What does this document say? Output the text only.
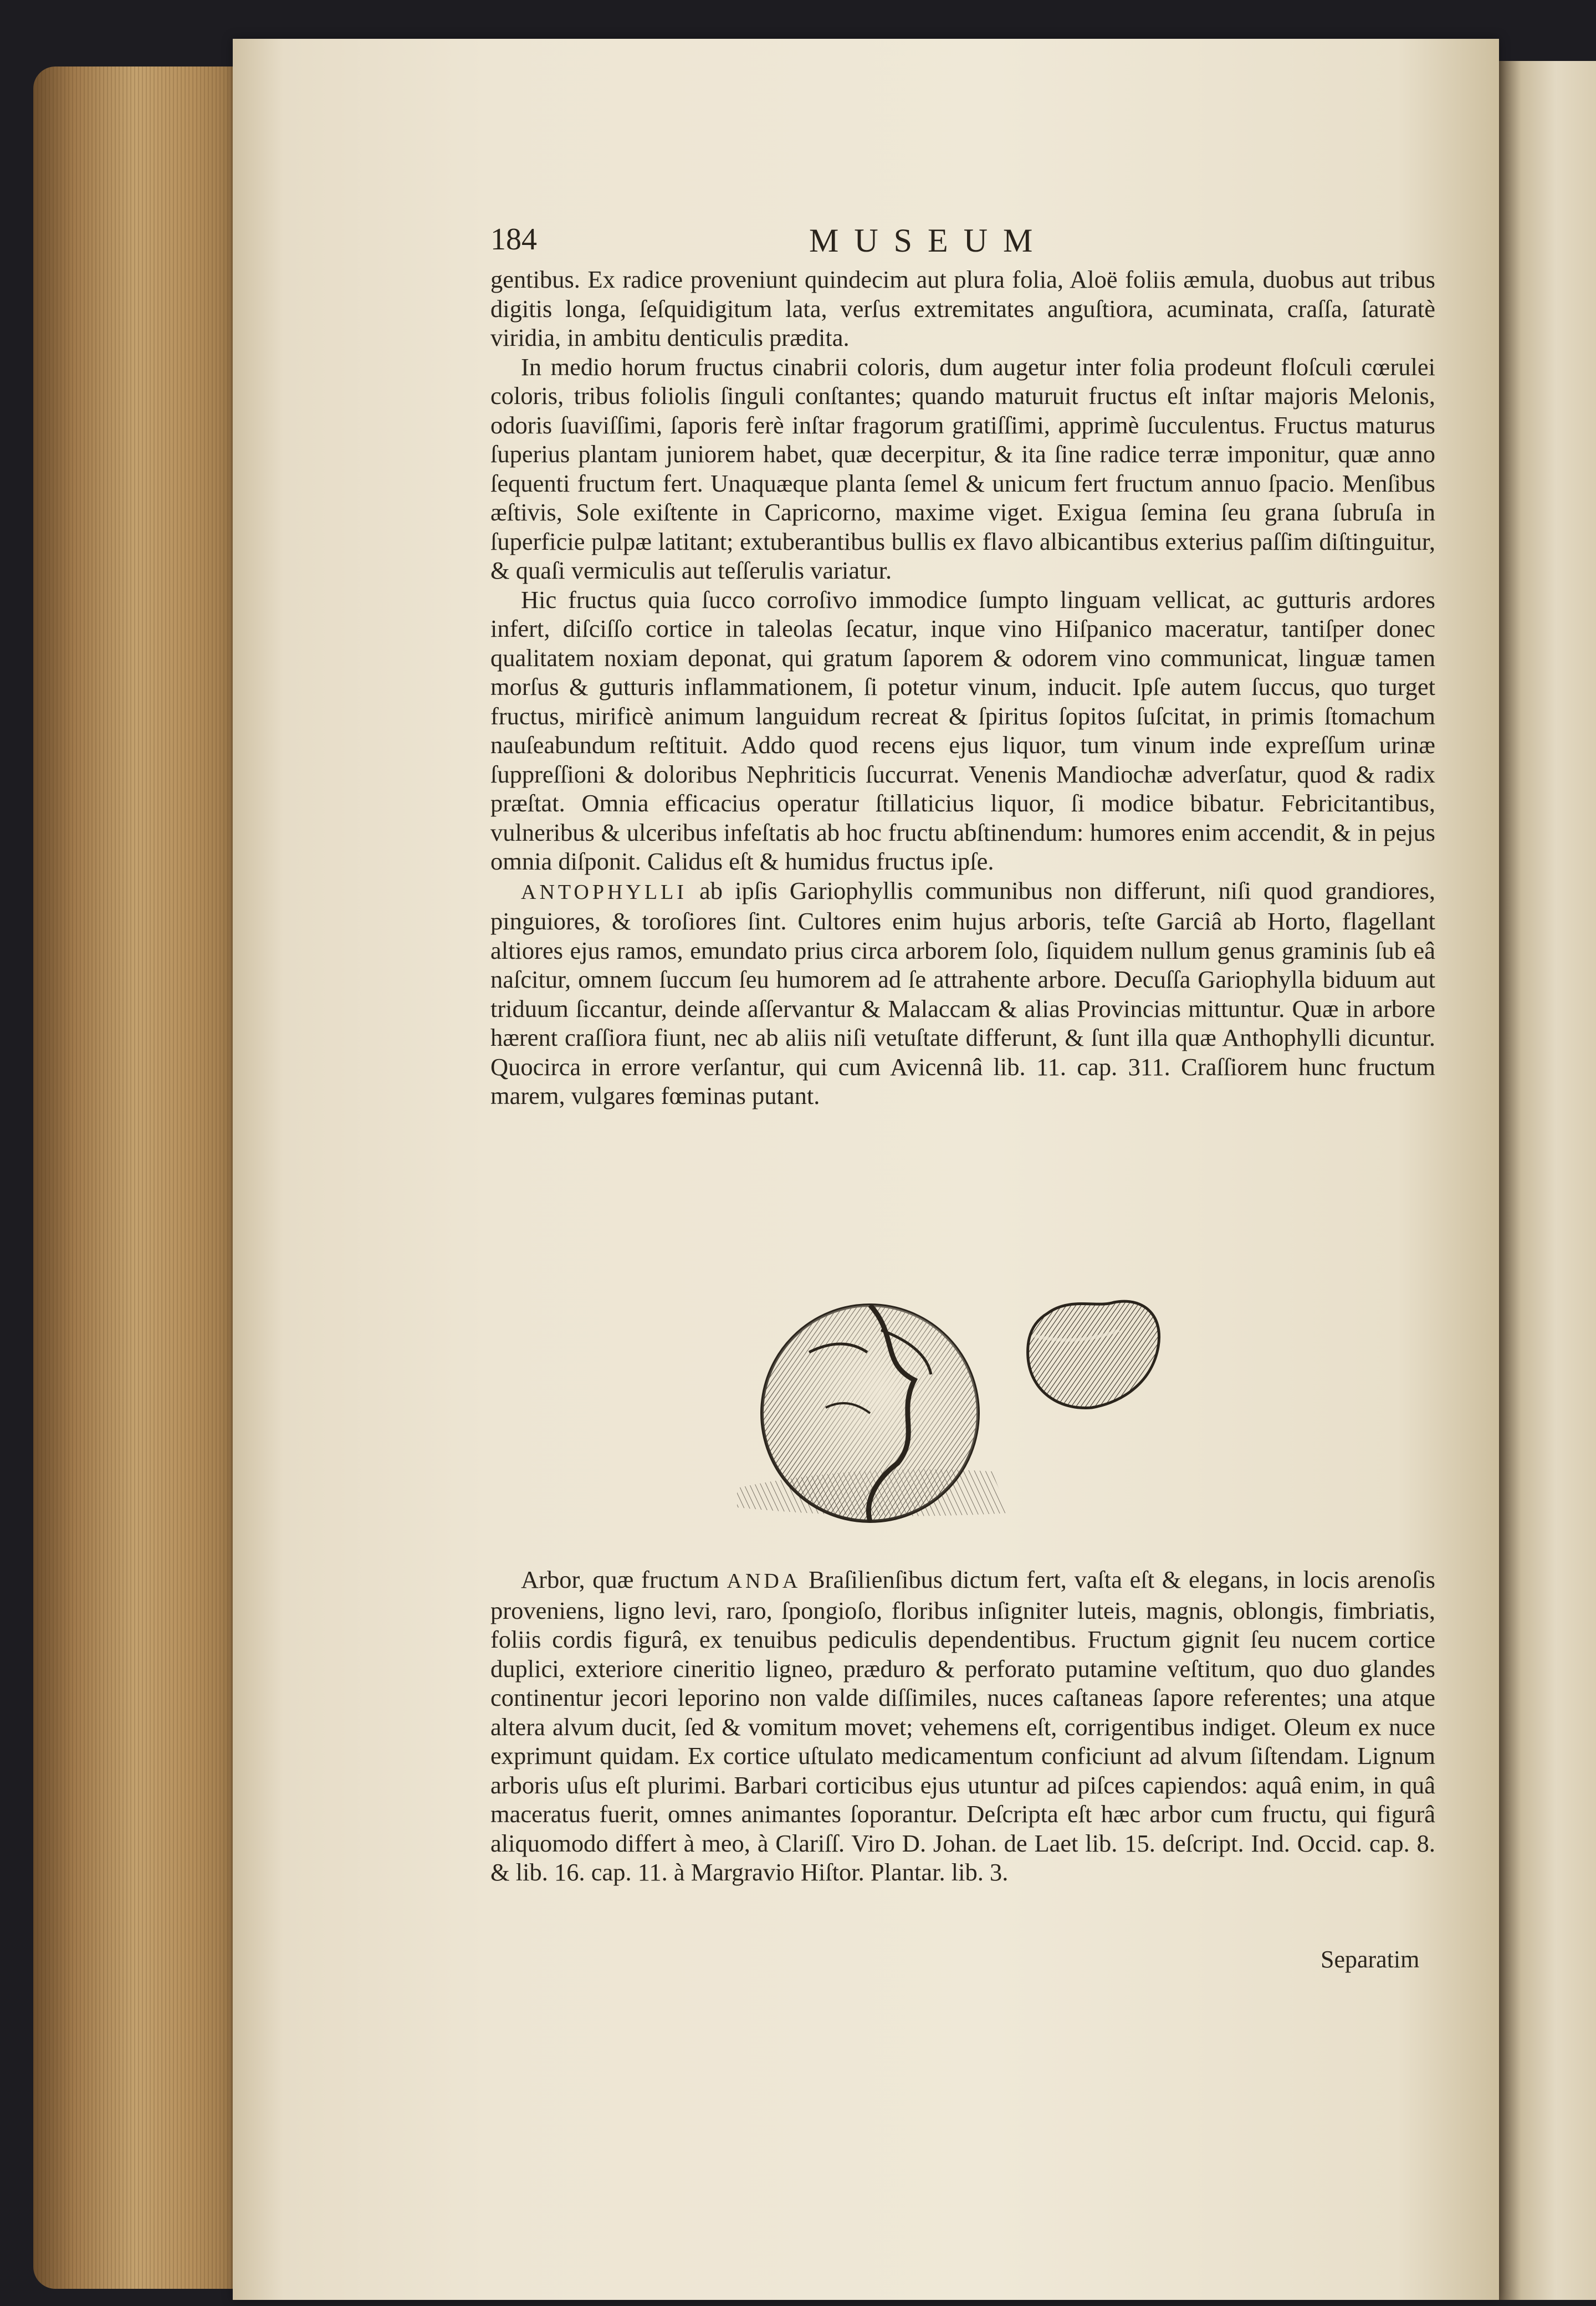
184	MUSEUM

gentibus. Ex radice proveniunt quindecim aut plura folia, Aloë foliis æmula, duobus aut tribus digitis longa, ſeſquidigitum lata, verſus extremitates anguſtiora, acuminata, craſſa, ſaturatè viridia, in ambitu denticulis prædita.

In medio horum fructus cinabrii coloris, dum augetur inter folia prodeunt floſculi cœrulei coloris, tribus foliolis ſinguli conſtantes; quando maturuit fructus eſt inſtar majoris Melonis, odoris ſuaviſſimi, ſaporis ferè inſtar fragorum gratiſſimi, apprimè ſucculentus. Fructus maturus ſuperius plantam juniorem habet, quæ decerpitur, & ita ſine radice terræ imponitur, quæ anno ſequenti fructum fert. Unaquæque planta ſemel & unicum fert fructum annuo ſpacio. Menſibus æſtivis, Sole exiſtente in Capricorno, maxime viget. Exigua ſemina ſeu grana ſubruſa in ſuperficie pulpæ latitant; extuberantibus bullis ex flavo albicantibus exterius paſſim diſtinguitur, & quaſi vermiculis aut teſſerulis variatur.

Hic fructus quia ſucco corroſivo immodice ſumpto linguam vellicat, ac gutturis ardores infert, diſciſſo cortice in taleolas ſecatur, inque vino Hiſpanico maceratur, tantiſper donec qualitatem noxiam deponat, qui gratum ſaporem & odorem vino communicat, linguæ tamen morſus & gutturis inflammationem, ſi potetur vinum, inducit. Ipſe autem ſuccus, quo turget fructus, mirificè animum languidum recreat & ſpiritus ſopitos ſuſcitat, in primis ſtomachum nauſeabundum reſtituit. Addo quod recens ejus liquor, tum vinum inde expreſſum urinæ ſuppreſſioni & doloribus Nephriticis ſuccurrat. Venenis Mandiochæ adverſatur, quod & radix præſtat. Omnia efficacius operatur ſtillaticius liquor, ſi modice bibatur. Febricitantibus, vulneribus & ulceribus infeſtatis ab hoc fructu abſtinendum: humores enim accendit, & in pejus omnia diſponit. Calidus eſt & humidus fructus ipſe.

ANTOPHYLLI ab ipſis Gariophyllis communibus non differunt, niſi quod grandiores, pinguiores, & toroſiores ſint. Cultores enim hujus arboris, teſte Garciâ ab Horto, flagellant altiores ejus ramos, emundato prius circa arborem ſolo, ſiquidem nullum genus graminis ſub eâ naſcitur, omnem ſuccum ſeu humorem ad ſe attrahente arbore. Decuſſa Gariophylla biduum aut triduum ſiccantur, deinde aſſervantur & Malaccam & alias Provincias mittuntur. Quæ in arbore hærent craſſiora fiunt, nec ab aliis niſi vetuſtate differunt, & ſunt illa quæ Anthophylli dicuntur. Quocirca in errore verſantur, qui cum Avicennâ lib. 11. cap. 311. Craſſiorem hunc fructum marem, vulgares fœminas putant.

Arbor, quæ fructum ANDA Braſilienſibus dictum fert, vaſta eſt & elegans, in locis arenoſis proveniens, ligno levi, raro, ſpongioſo, floribus inſigniter luteis, magnis, oblongis, fimbriatis, foliis cordis figurâ, ex tenuibus pediculis dependentibus. Fructum gignit ſeu nucem cortice duplici, exteriore cineritio ligneo, præduro & perforato putamine veſtitum, quo duo glandes continentur jecori leporino non valde diſſimiles, nuces caſtaneas ſapore referentes; una atque altera alvum ducit, ſed & vomitum movet; vehemens eſt, corrigentibus indiget. Oleum ex nuce exprimunt quidam. Ex cortice uſtulato medicamentum conficiunt ad alvum ſiſtendam. Lignum arboris uſus eſt plurimi. Barbari corticibus ejus utuntur ad piſces capiendos: aquâ enim, in quâ maceratus fuerit, omnes animantes ſoporantur. Deſcripta eſt hæc arbor cum fructu, qui figurâ aliquomodo differt à meo, à Clariſſ. Viro D. Johan. de Laet lib. 15. deſcript. Ind. Occid. cap. 8. & lib. 16. cap. 11. à Margravio Hiſtor. Plantar. lib. 3.

Separatim
